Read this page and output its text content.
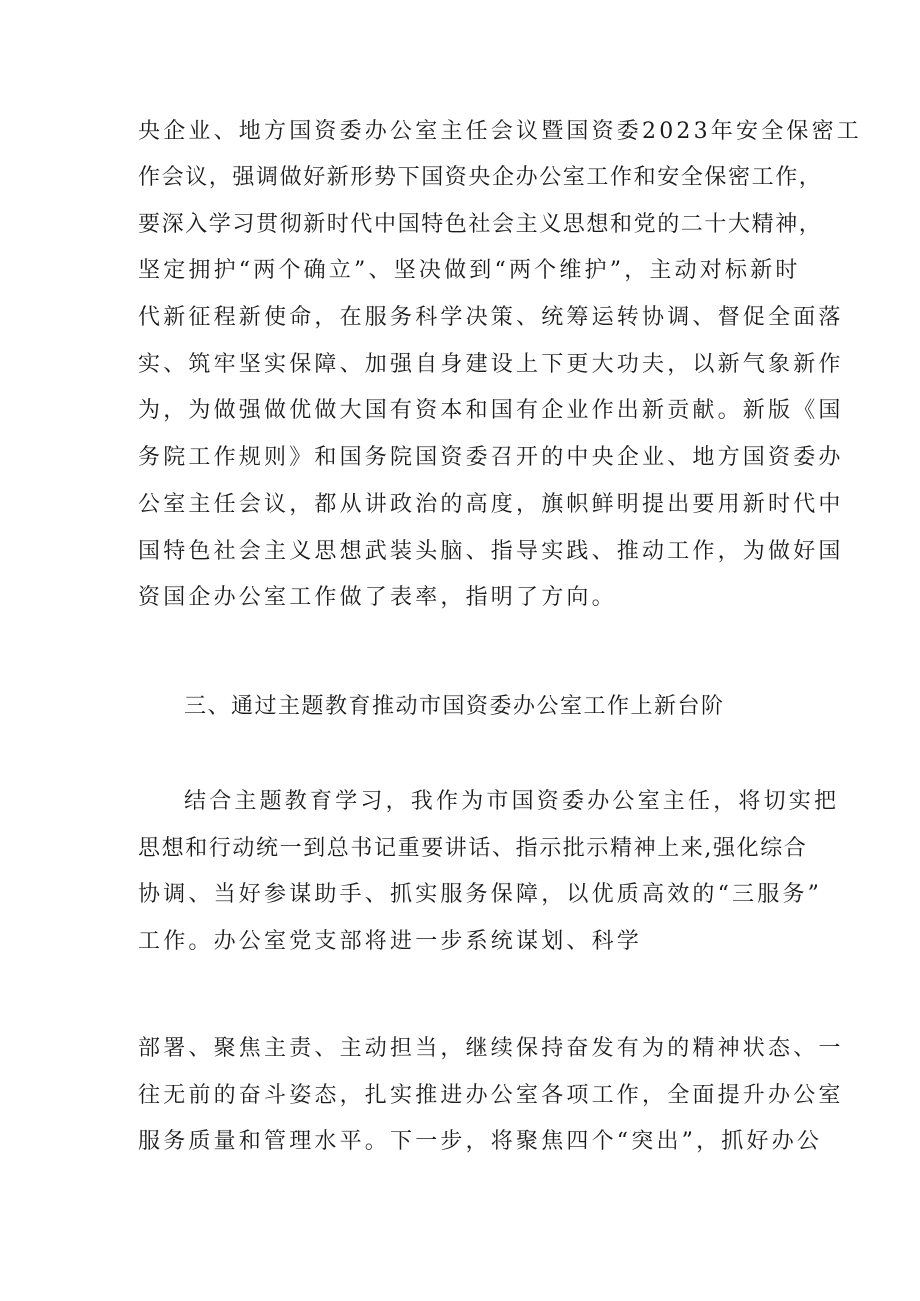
央企业、地方国资委办公室主任会议暨国资委2023年安全保密工
作会议，强调做好新形势下国资央企办公室工作和安全保密工作，
要深入学习贯彻新时代中国特色社会主义思想和党的二十大精神，
坚定拥护“两个确立”、坚决做到“两个维护”，主动对标新时
代新征程新使命，在服务科学决策、统筹运转协调、督促全面落
实、筑牢坚实保障、加强自身建设上下更大功夫，以新气象新作
为，为做强做优做大国有资本和国有企业作出新贡献。新版《国
务院工作规则》和国务院国资委召开的中央企业、地方国资委办
公室主任会议，都从讲政治的高度，旗帜鲜明提出要用新时代中
国特色社会主义思想武装头脑、指导实践、推动工作，为做好国
资国企办公室工作做了表率，指明了方向。
三、通过主题教育推动市国资委办公室工作上新台阶
结合主题教育学习，我作为市国资委办公室主任，将切实把
思想和行动统一到总书记重要讲话、指示批示精神上来,强化综合
协调、当好参谋助手、抓实服务保障，以优质高效的“三服务”
工作。办公室党支部将进一步系统谋划、科学
部署、聚焦主责、主动担当，继续保持奋发有为的精神状态、一
往无前的奋斗姿态，扎实推进办公室各项工作，全面提升办公室
服务质量和管理水平。下一步，将聚焦四个“突出”，抓好办公
